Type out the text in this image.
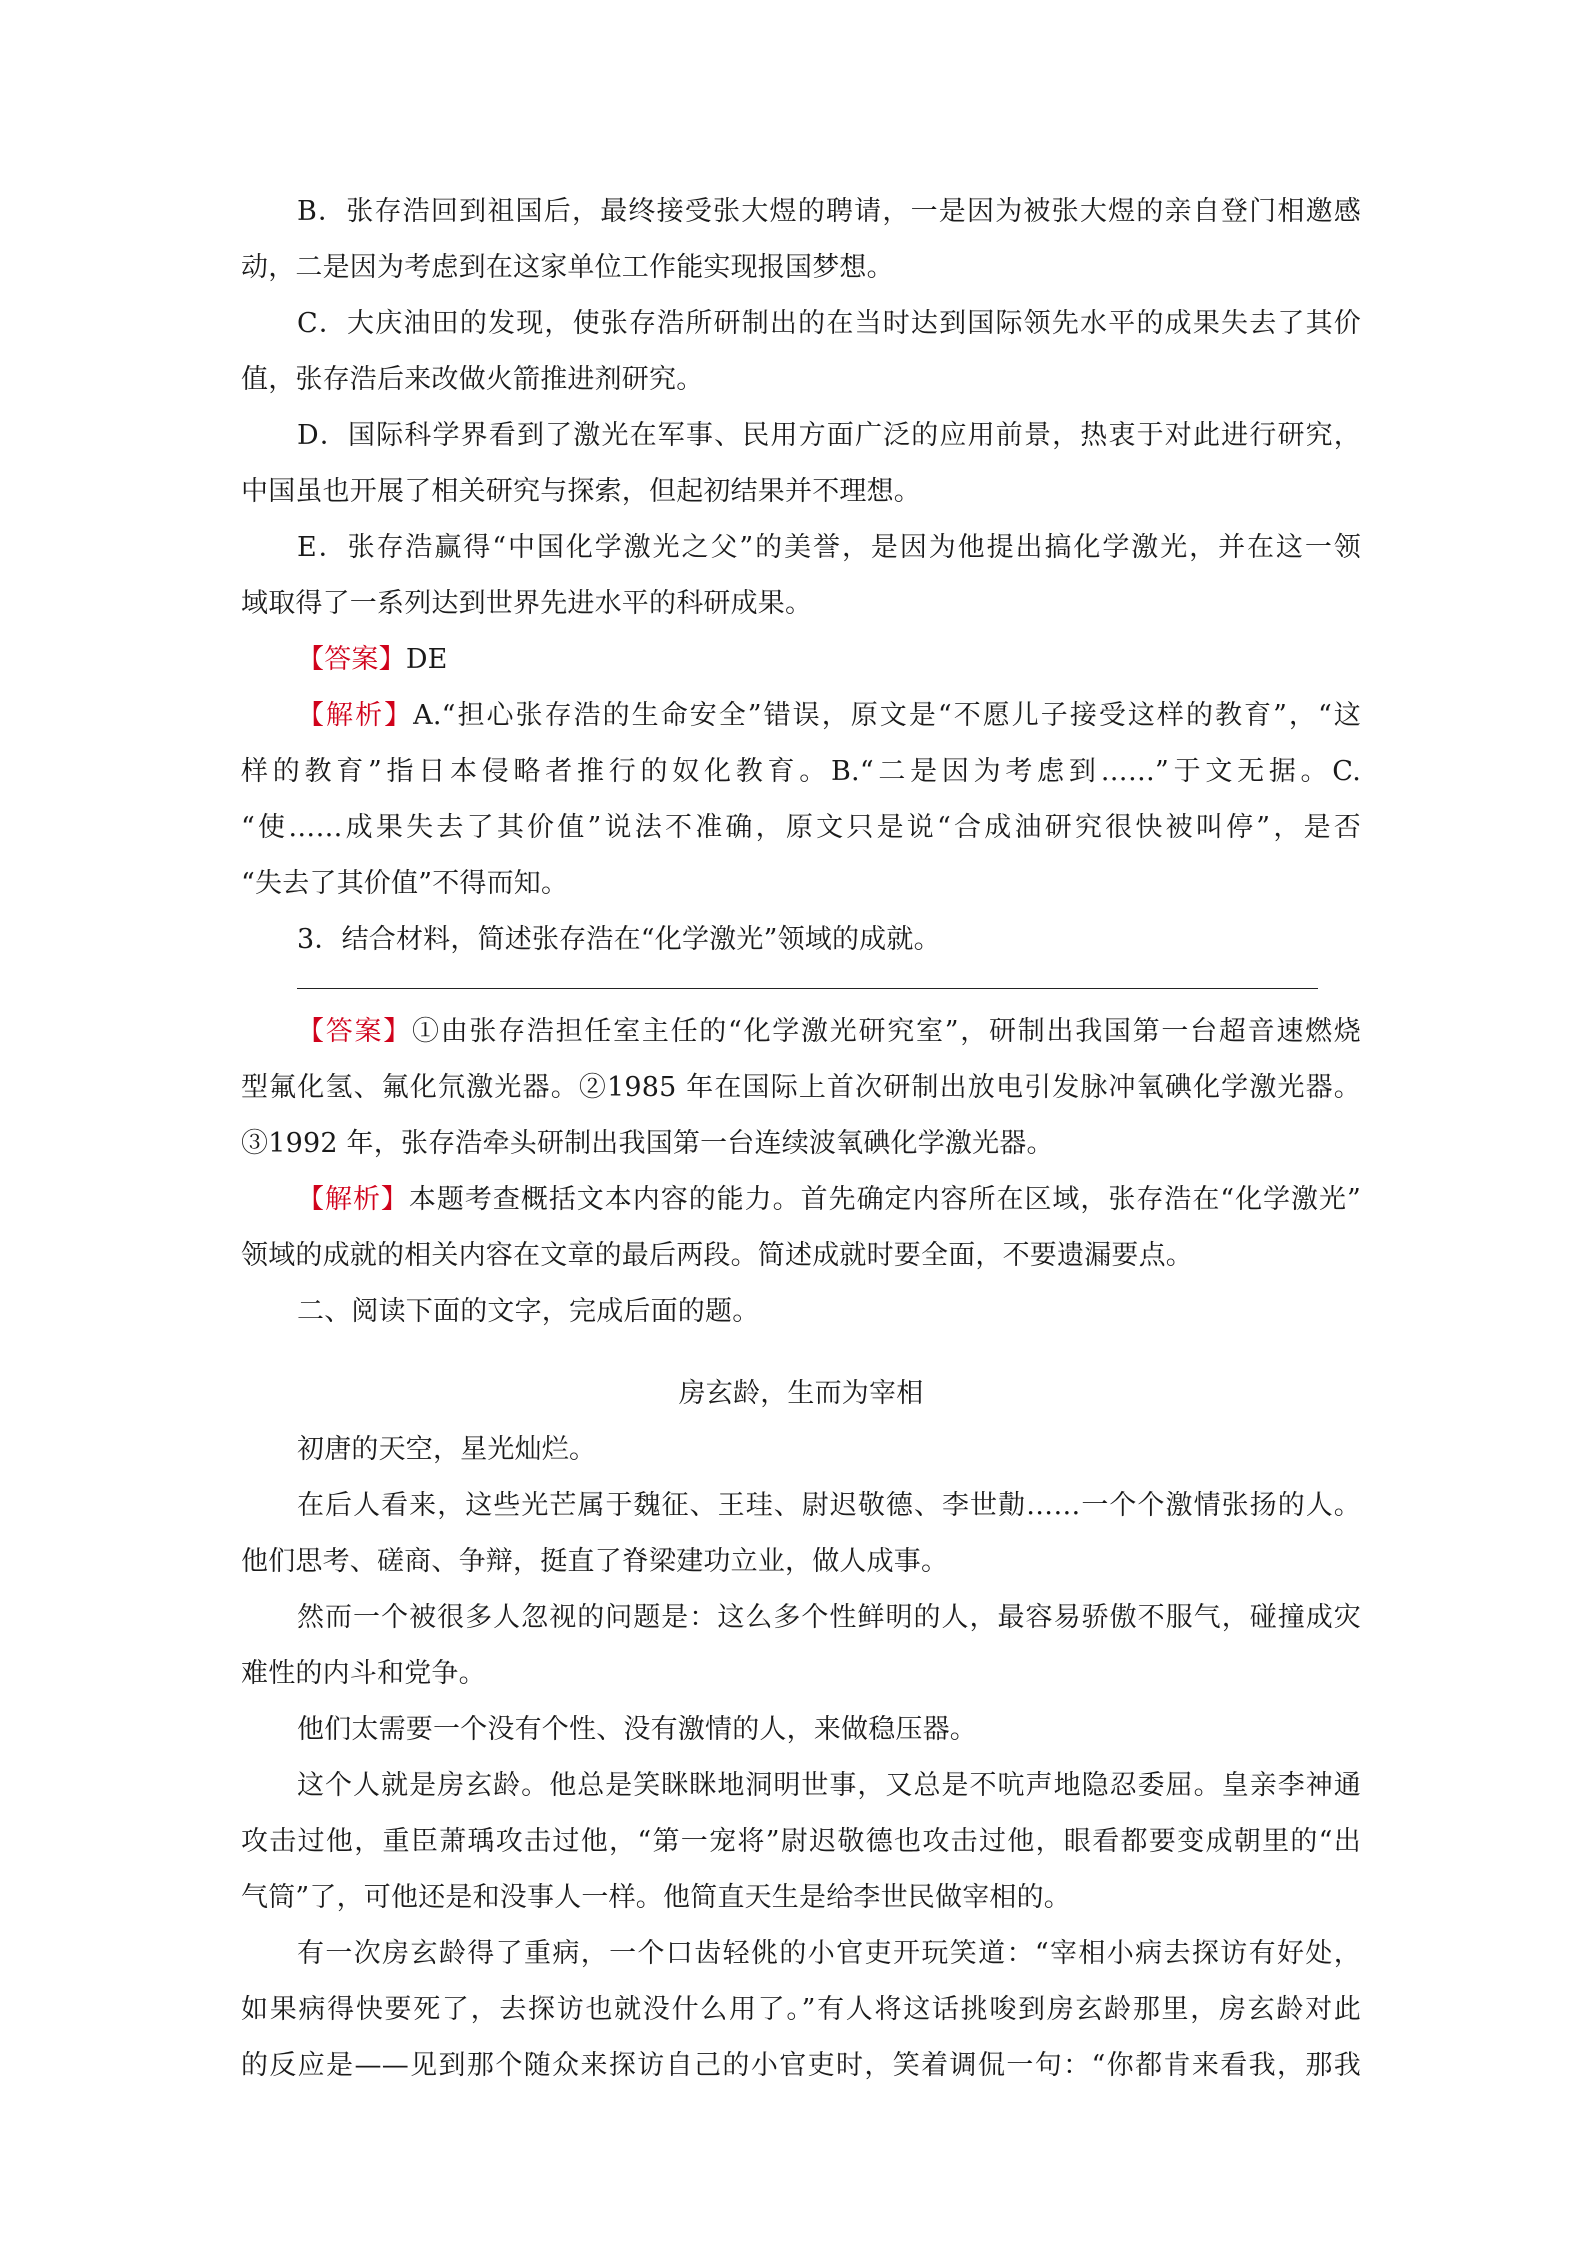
B．张存浩回到祖国后，最终接受张大煜的聘请，一是因为被张大煜的亲自登门相邀感
动，二是因为考虑到在这家单位工作能实现报国梦想。
C．大庆油田的发现，使张存浩所研制出的在当时达到国际领先水平的成果失去了其价
值，张存浩后来改做火箭推进剂研究。
D．国际科学界看到了激光在军事、民用方面广泛的应用前景，热衷于对此进行研究，
中国虽也开展了相关研究与探索，但起初结果并不理想。
E．张存浩赢得“中国化学激光之父”的美誉，是因为他提出搞化学激光，并在这一领
域取得了一系列达到世界先进水平的科研成果。
【答案】DE
【解析】A.“担心张存浩的生命安全”错误，原文是“不愿儿子接受这样的教育”，“这
样的教育”指日本侵略者推行的奴化教育。B.“二是因为考虑到……”于文无据。C.
“使……成果失去了其价值”说法不准确，原文只是说“合成油研究很快被叫停”，是否
“失去了其价值”不得而知。
3．结合材料，简述张存浩在“化学激光”领域的成就。
【答案】①由张存浩担任室主任的“化学激光研究室”，研制出我国第一台超音速燃烧
型氟化氢、氟化氘激光器。②1985 年在国际上首次研制出放电引发脉冲氧碘化学激光器。
③1992 年，张存浩牵头研制出我国第一台连续波氧碘化学激光器。
【解析】本题考查概括文本内容的能力。首先确定内容所在区域，张存浩在“化学激光”
领域的成就的相关内容在文章的最后两段。简述成就时要全面，不要遗漏要点。
二、阅读下面的文字，完成后面的题。
房玄龄，生而为宰相
初唐的天空，星光灿烂。
在后人看来，这些光芒属于魏征、王珪、尉迟敬德、李世勣……一个个激情张扬的人。
他们思考、磋商、争辩，挺直了脊梁建功立业，做人成事。
然而一个被很多人忽视的问题是：这么多个性鲜明的人，最容易骄傲不服气，碰撞成灾
难性的内斗和党争。
他们太需要一个没有个性、没有激情的人，来做稳压器。
这个人就是房玄龄。他总是笑眯眯地洞明世事，又总是不吭声地隐忍委屈。皇亲李神通
攻击过他，重臣萧瑀攻击过他，“第一宠将”尉迟敬德也攻击过他，眼看都要变成朝里的“出
气筒”了，可他还是和没事人一样。他简直天生是给李世民做宰相的。
有一次房玄龄得了重病，一个口齿轻佻的小官吏开玩笑道：“宰相小病去探访有好处，
如果病得快要死了，去探访也就没什么用了。”有人将这话挑唆到房玄龄那里，房玄龄对此
的反应是——见到那个随众来探访自己的小官吏时，笑着调侃一句：“你都肯来看我，那我
